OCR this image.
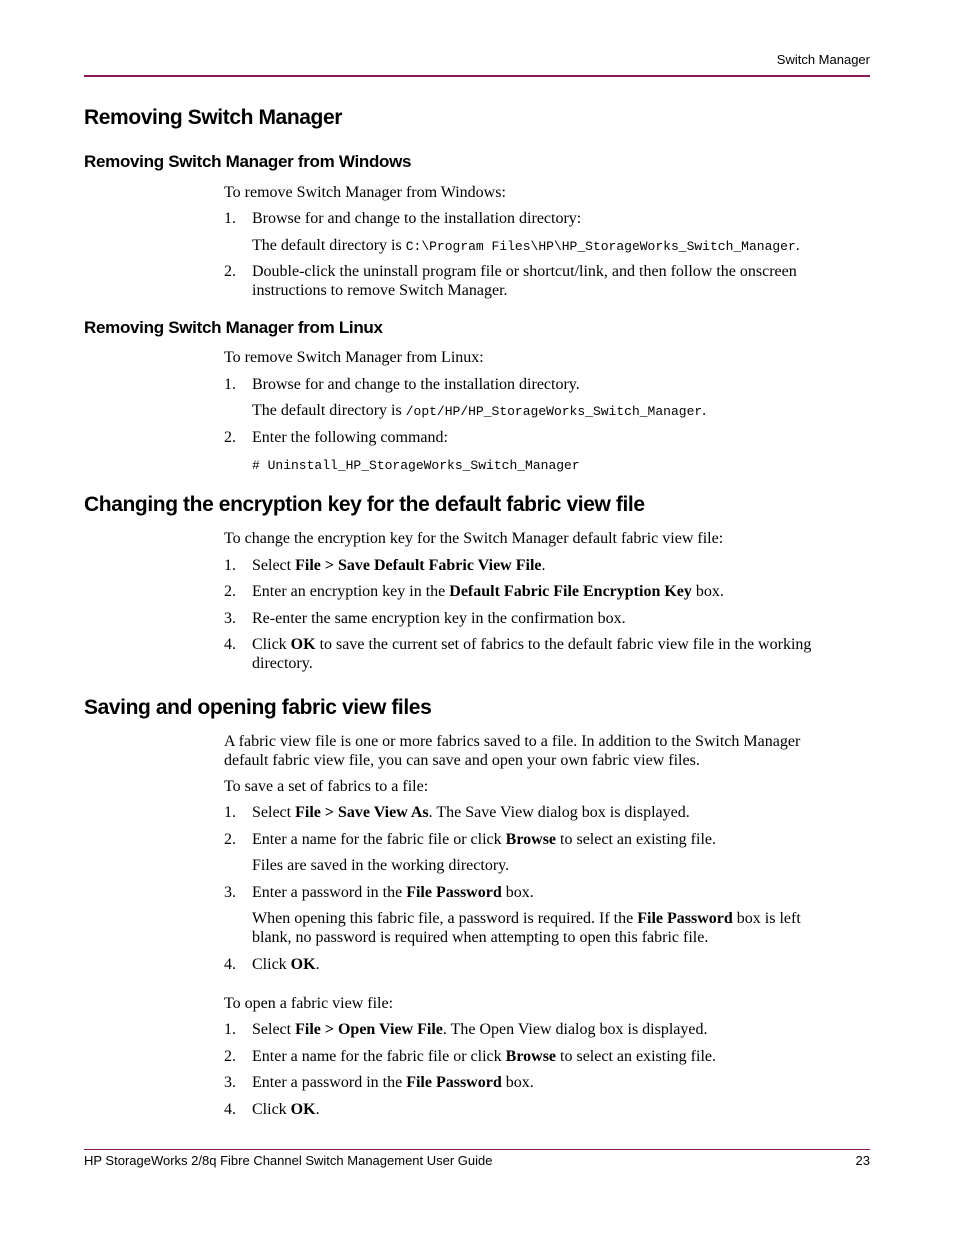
Switch Manager
Removing Switch Manager
Removing Switch Manager from Windows
To remove Switch Manager from Windows:
1. Browse for and change to the installation directory:
The default directory is C:\Program Files\HP\HP_StorageWorks_Switch_Manager.
2. Double-click the uninstall program file or shortcut/link, and then follow the onscreen
instructions to remove Switch Manager.
Removing Switch Manager from Linux
To remove Switch Manager from Linux:
1. Browse for and change to the installation directory.
The default directory is /opt/HP/HP_StorageWorks_Switch_Manager.
2. Enter the following command:
# Uninstall_HP_StorageWorks_Switch_Manager
Changing the encryption key for the default fabric view file
To change the encryption key for the Switch Manager default fabric view file:
1. Select File > Save Default Fabric View File.
2. Enter an encryption key in the Default Fabric File Encryption Key box.
3. Re-enter the same encryption key in the confirmation box.
4. Click OK to save the current set of fabrics to the default fabric view file in the working
directory.
Saving and opening fabric view files
A fabric view file is one or more fabrics saved to a file. In addition to the Switch Manager
default fabric view file, you can save and open your own fabric view files.
To save a set of fabrics to a file:
1. Select File > Save View As. The Save View dialog box is displayed.
2. Enter a name for the fabric file or click Browse to select an existing file.
Files are saved in the working directory.
3. Enter a password in the File Password box.
When opening this fabric file, a password is required. If the File Password box is left
blank, no password is required when attempting to open this fabric file.
4. Click OK.
To open a fabric view file:
1. Select File > Open View File. The Open View dialog box is displayed.
2. Enter a name for the fabric file or click Browse to select an existing file.
3. Enter a password in the File Password box.
4. Click OK.
HP StorageWorks 2/8q Fibre Channel Switch Management User Guide	23
